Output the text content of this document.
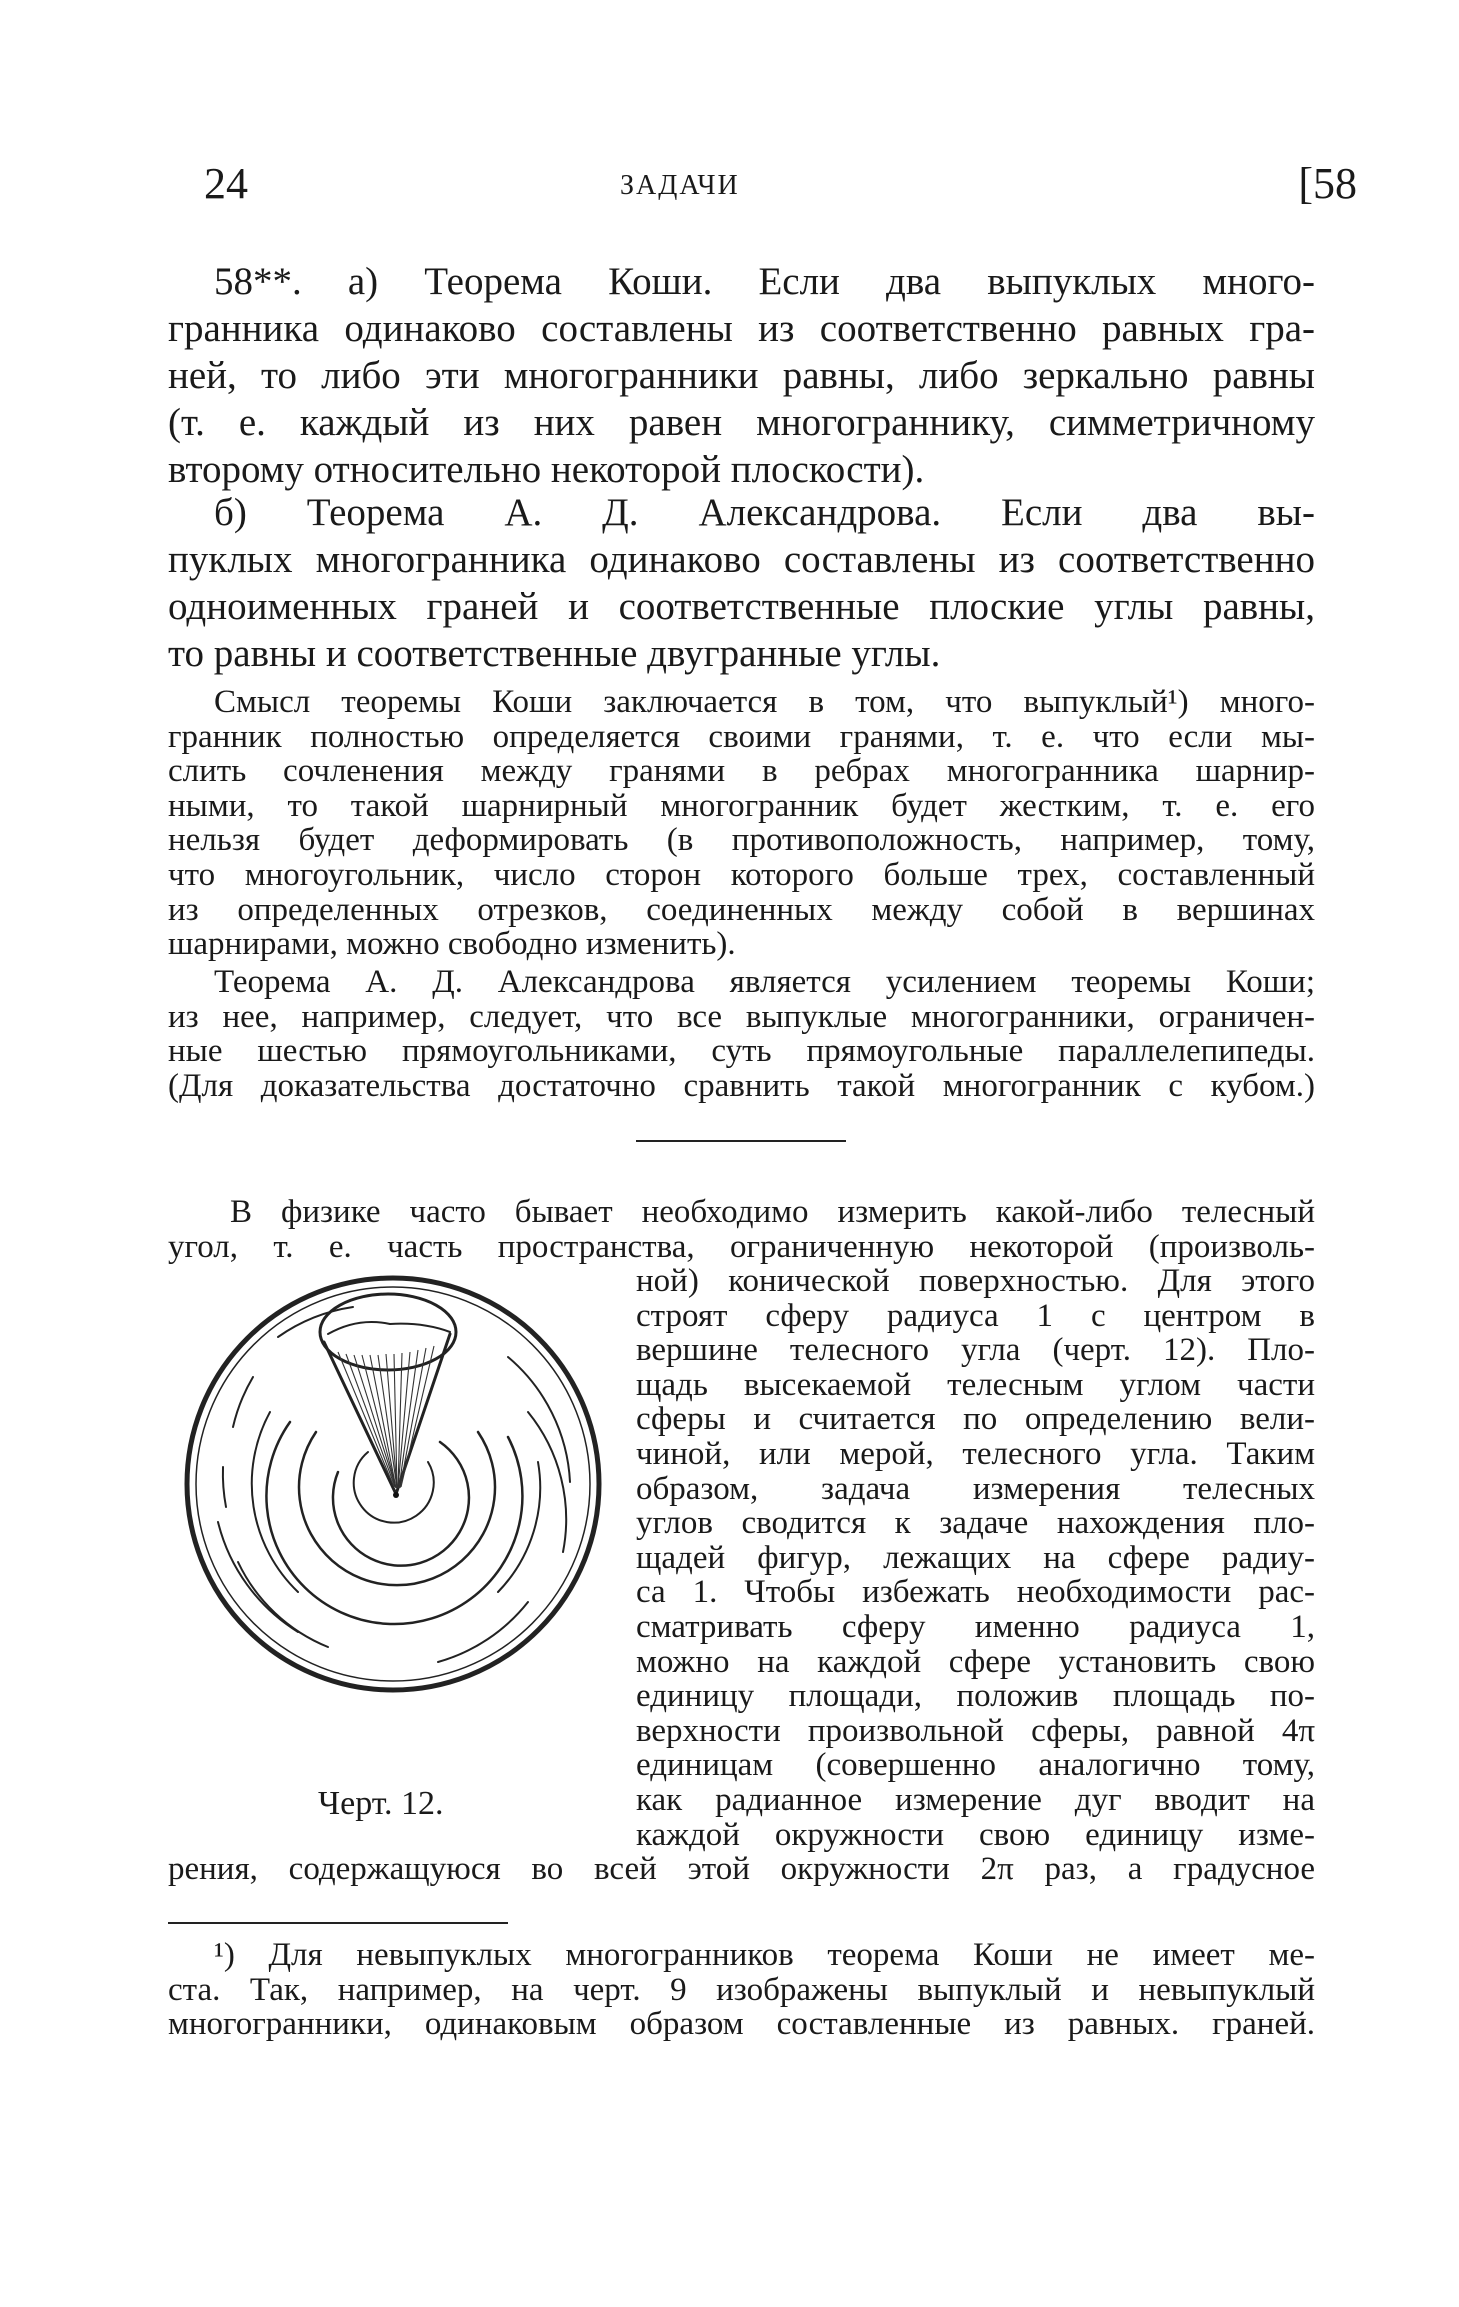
24	ЗАДАЧИ	[58
58**. а) Теорема Коши. Если два выпуклых много-
гранника одинаково составлены из соответственно равных гра-
ней, то либо эти многогранники равны, либо зеркально равны
(т. е. каждый из них равен многограннику, симметричному
второму относительно некоторой плоскости).
б) Теорема А. Д. Александрова. Если два вы-
пуклых многогранника одинаково составлены из соответственно
одноименных граней и соответственные плоские углы равны,
то равны и соответственные двугранные углы.
Смысл теоремы Коши заключается в том, что выпуклый¹) много-
гранник полностью определяется своими гранями, т. е. что если мы-
слить сочленения между гранями в ребрах многогранника шарнир-
ными, то такой шарнирный многогранник будет жестким, т. е. его
нельзя будет деформировать (в противоположность, например, тому,
что многоугольник, число сторон которого больше трех, составленный
из определенных отрезков, соединенных между собой в вершинах
шарнирами, можно свободно изменить).
Теорема А. Д. Александрова является усилением теоремы Коши;
из нее, например, следует, что все выпуклые многогранники, ограничен-
ные шестью прямоугольниками, суть прямоугольные параллелепипеды.
(Для доказательства достаточно сравнить такой многогранник с кубом.)
В физике часто бывает необходимо измерить какой-либо телесный
угол, т. е. часть пространства, ограниченную некоторой (произволь-
ной) конической поверхностью. Для этого
строят сферу радиуса 1 с центром в
вершине телесного угла (черт. 12). Пло-
щадь высекаемой телесным углом части
сферы и считается по определению вели-
чиной, или мерой, телесного угла. Таким
образом, задача измерения телесных
углов сводится к задаче нахождения пло-
щадей фигур, лежащих на сфере радиу-
са 1. Чтобы избежать необходимости рас-
сматривать сферу именно радиуса 1,
можно на каждой сфере установить свою
единицу площади, положив площадь по-
верхности произвольной сферы, равной 4π
единицам (совершенно аналогично тому,
как радианное измерение дуг вводит на
каждой окружности свою единицу изме-
рения, содержащуюся во всей этой окружности 2π раз, а градусное
Черт. 12.
¹) Для невыпуклых многогранников теорема Коши не имеет ме-
ста. Так, например, на черт. 9 изображены выпуклый и невыпуклый
многогранники, одинаковым образом составленные из равных. граней.
